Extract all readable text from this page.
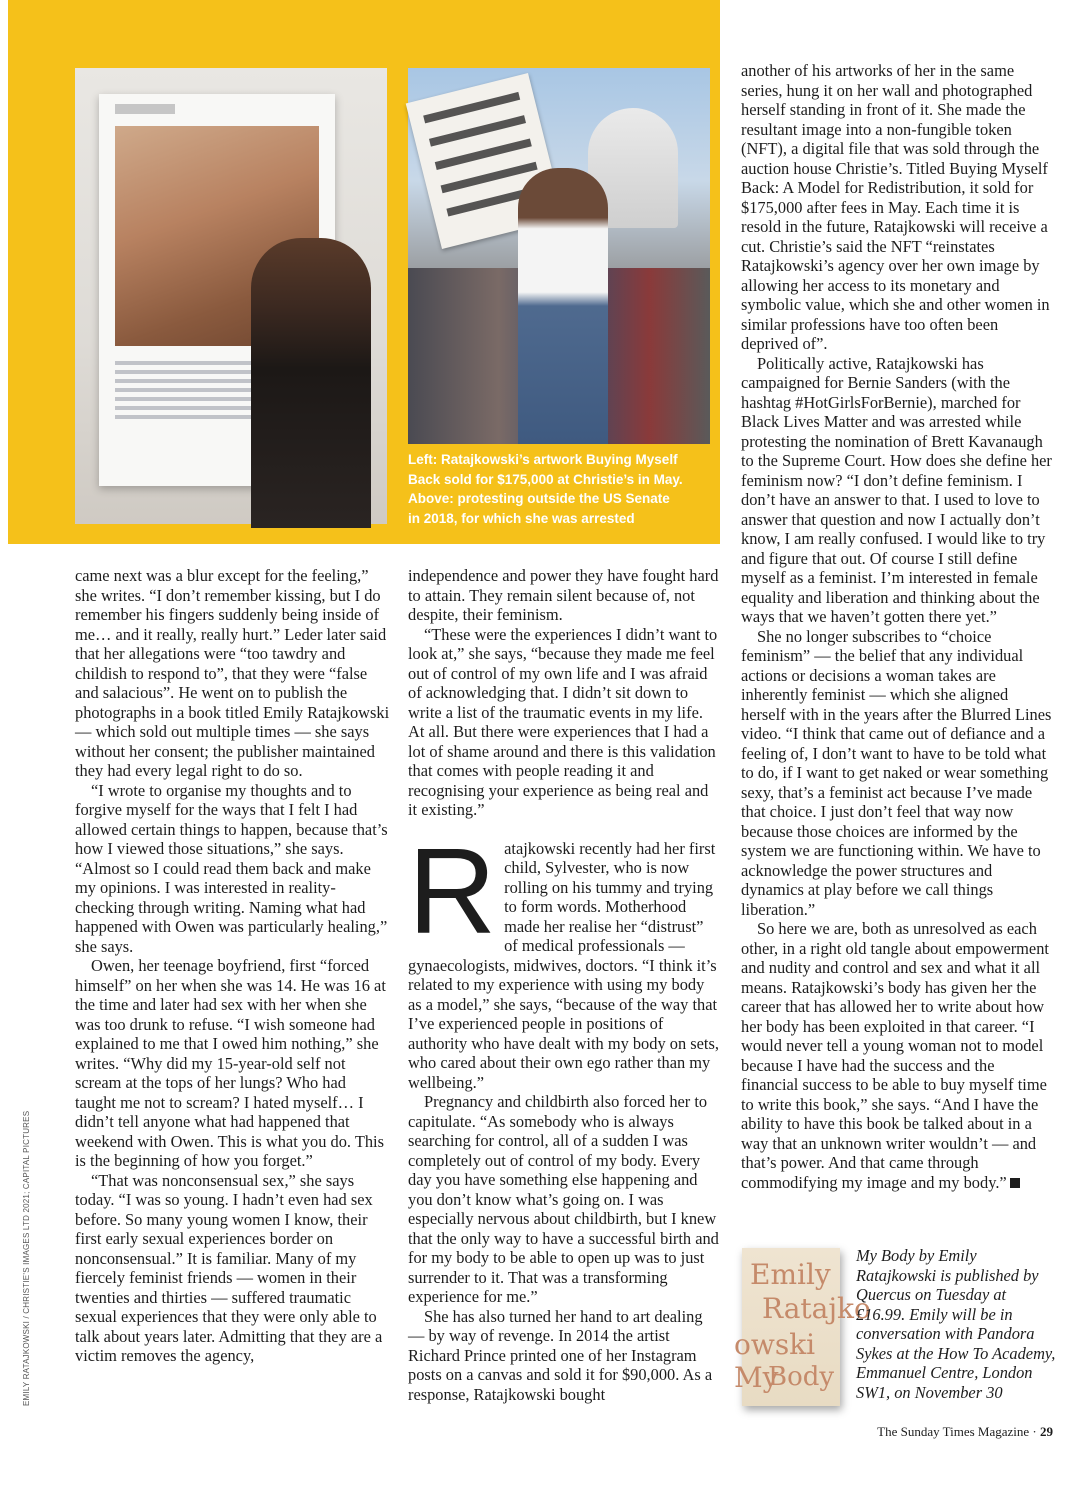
Left: Ratajkowski’s artwork Buying Myself

Back sold for $175,000 at Christie’s in May.

Above: protesting outside the US Senate

in 2018, for which she was arrested

EMILY RATAJKOWSKI / CHRISTIE’S IMAGES LTD 2021; CAPITAL PICTURES

came next was a blur except for the feeling,” she writes. “I don’t remember kissing, but I do remember his fingers suddenly being inside of me… and it really, really hurt.” Leder later said that her allegations were “too tawdry and childish to respond to”, that they were “false and salacious”. He went on to publish the photographs in a book titled Emily Ratajkowski — which sold out multiple times — she says without her consent; the publisher maintained they had every legal right to do so.

“I wrote to organise my thoughts and to forgive myself for the ways that I felt I had allowed certain things to happen, because that’s how I viewed those situations,” she says. “Almost so I could read them back and make my opinions. I was interested in reality-checking through writing. Naming what had happened with Owen was particularly healing,” she says.

Owen, her teenage boyfriend, first “forced himself” on her when she was 14. He was 16 at the time and later had sex with her when she was too drunk to refuse. “I wish someone had explained to me that I owed him nothing,” she writes. “Why did my 15-year-old self not scream at the tops of her lungs? Who had taught me not to scream? I hated myself… I didn’t tell anyone what had happened that weekend with Owen. This is what you do. This is the beginning of how you forget.”

“That was nonconsensual sex,” she says today. “I was so young. I hadn’t even had sex before. So many young women I know, their first early sexual experiences border on nonconsensual.” It is familiar. Many of my fiercely feminist friends — women in their twenties and thirties — suffered traumatic sexual experiences that they were only able to talk about years later. Admitting that they are a victim removes the agency,

independence and power they have fought hard to attain. They remain silent because of, not despite, their feminism.

“These were the experiences I didn’t want to look at,” she says, “because they made me feel out of control of my own life and I was afraid of acknowledging that. I didn’t sit down to write a list of the traumatic events in my life. At all. But there were experiences that I had a lot of shame around and there is this validation that comes with people reading it and recognising your experience as being real and it existing.”

Ratajkowski recently had her first child, Sylvester, who is now rolling on his tummy and trying to form words. Motherhood made her realise her “distrust” of medical professionals — gynaecologists, midwives, doctors. “I think it’s related to my experience with using my body as a model,” she says, “because of the way that I’ve experienced people in positions of authority who have dealt with my body on sets, who cared about their own ego rather than my wellbeing.”

Pregnancy and childbirth also forced her to capitulate. “As somebody who is always searching for control, all of a sudden I was completely out of control of my body. Every day you have something else happening and you don’t know what’s going on. I was especially nervous about childbirth, but I knew that the only way to have a successful birth and for my body to be able to open up was to just surrender to it. That was a transforming experience for me.”

She has also turned her hand to art dealing — by way of revenge. In 2014 the artist Richard Prince printed one of her Instagram posts on a canvas and sold it for $90,000. As a response, Ratajkowski bought

another of his artworks of her in the same series, hung it on her wall and photographed herself standing in front of it. She made the resultant image into a non-fungible token (NFT), a digital file that was sold through the auction house Christie’s. Titled Buying Myself Back: A Model for Redistribution, it sold for $175,000 after fees in May. Each time it is resold in the future, Ratajkowski will receive a cut. Christie’s said the NFT “reinstates Ratajkowski’s agency over her own image by allowing her access to its monetary and symbolic value, which she and other women in similar professions have too often been deprived of”.

Politically active, Ratajkowski has campaigned for Bernie Sanders (with the hashtag #HotGirlsForBernie), marched for Black Lives Matter and was arrested while protesting the nomination of Brett Kavanaugh to the Supreme Court. How does she define her feminism now? “I don’t define feminism. I don’t have an answer to that. I used to love to answer that question and now I actually don’t know, I am really confused. I would like to try and figure that out. Of course I still define myself as a feminist. I’m interested in female equality and liberation and thinking about the ways that we haven’t gotten there yet.”

She no longer subscribes to “choice feminism” — the belief that any individual actions or decisions a woman takes are inherently feminist — which she aligned herself with in the years after the Blurred Lines video. “I think that came out of defiance and a feeling of, I don’t want to have to be told what to do, if I want to get naked or wear something sexy, that’s a feminist act because I’ve made that choice. I just don’t feel that way now because those choices are informed by the system we are functioning within. We have to acknowledge the power structures and dynamics at play before we call things liberation.”

So here we are, both as unresolved as each other, in a right old tangle about empowerment and nudity and control and sex and what it all means. Ratajkowski’s body has given her the career that has allowed her to write about how her body has been exploited in that career. “I would never tell a young woman not to model because I have had the success and the financial success to be able to buy myself time to write this book,” she says. “And I have the ability to have this book be talked about in a way that an unknown writer wouldn’t — and that’s power. And that came through commodifying my image and my body.”

Emily
Ratajko
owski My
Body
My Body by Emily Ratajkowski is published by Quercus on Tuesday at £16.99. Emily will be in conversation with Pandora Sykes at the How To Academy, Emmanuel Centre, London SW1, on November 30
The Sunday Times Magazine · 29
